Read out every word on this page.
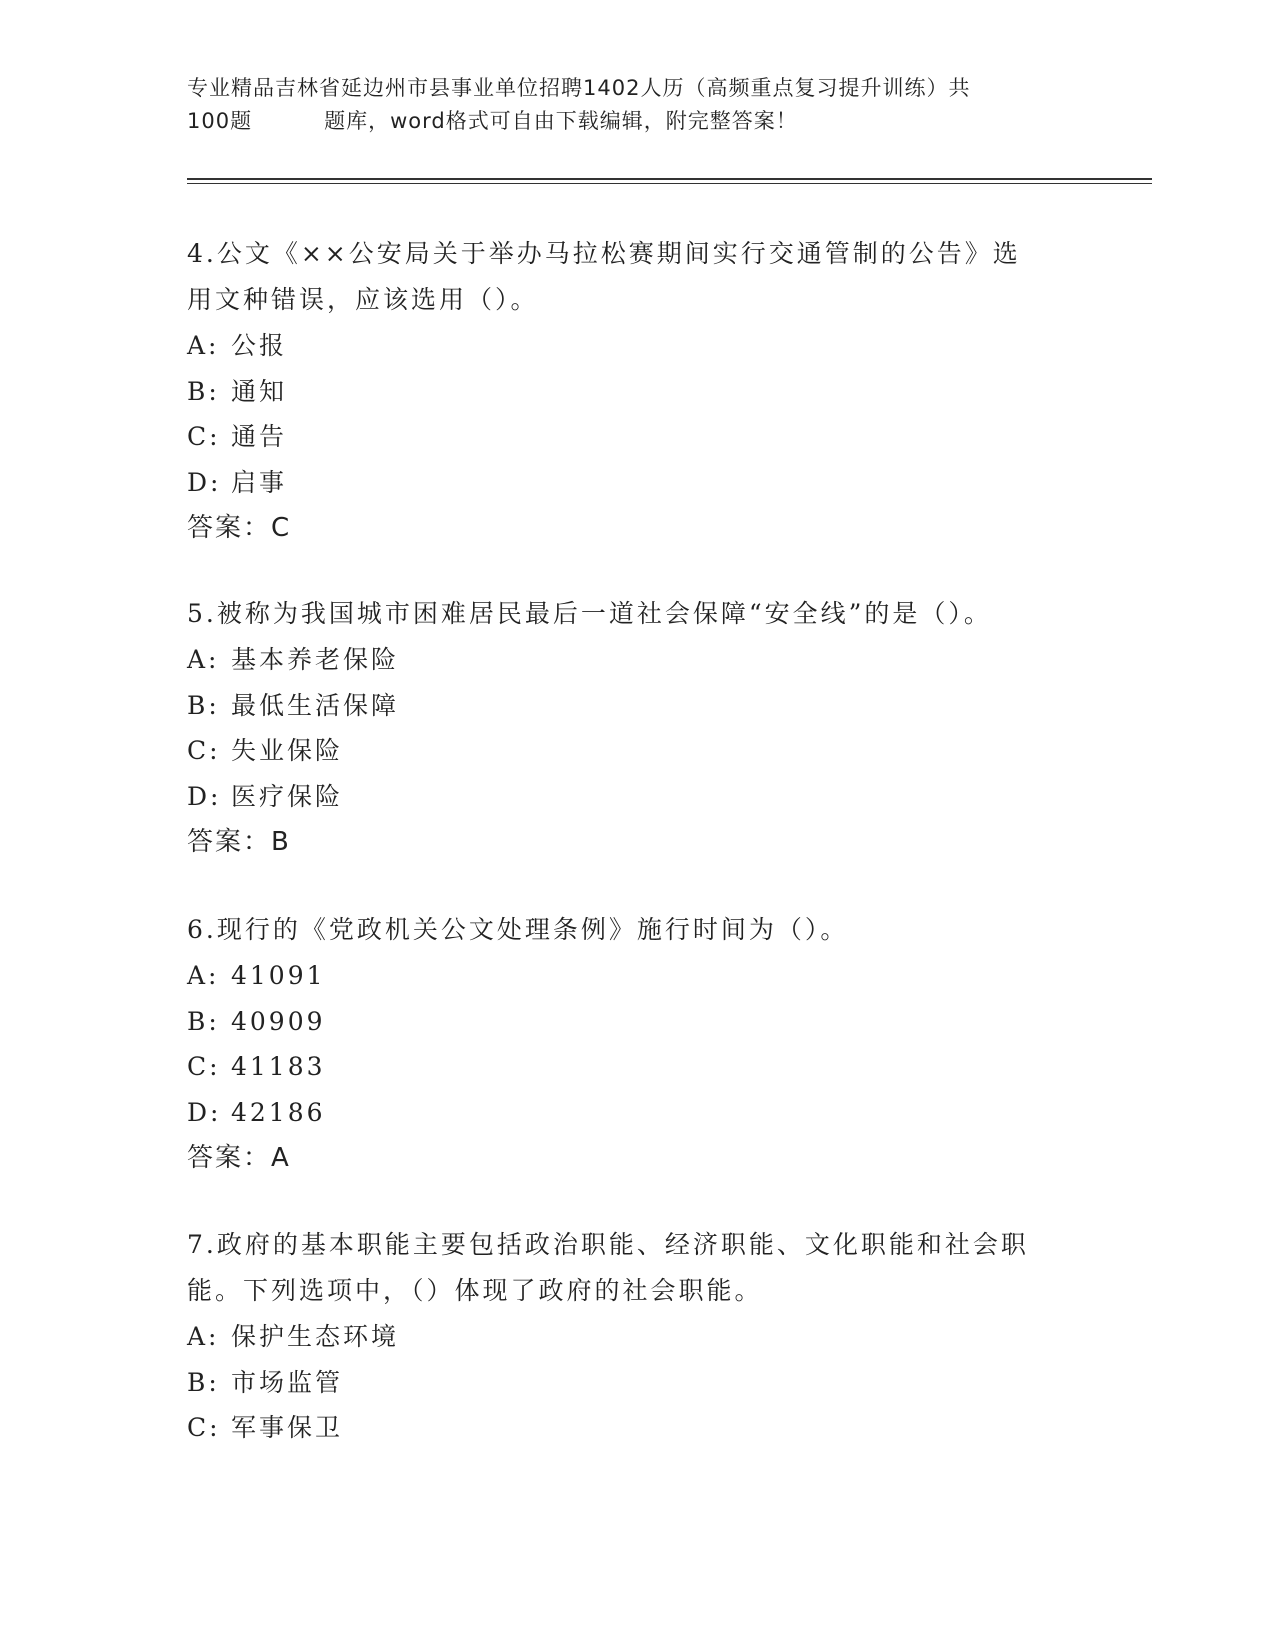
专业精品吉林省延边州市县事业单位招聘1402人历（高频重点复习提升训练）共
100题	题库，word格式可自由下载编辑，附完整答案！
4.公文《××公安局关于举办马拉松赛期间实行交通管制的公告》选
用文种错误，应该选用（）。
A: 公报
B: 通知
C: 通告
D: 启事
答案：C
5.被称为我国城市困难居民最后一道社会保障“安全线”的是（）。
A: 基本养老保险
B: 最低生活保障
C: 失业保险
D: 医疗保险
答案：B
6.现行的《党政机关公文处理条例》施行时间为（）。
A: 41091
B: 40909
C: 41183
D: 42186
答案：A
7.政府的基本职能主要包括政治职能、经济职能、文化职能和社会职
能。下列选项中，（）体现了政府的社会职能。
A: 保护生态环境
B: 市场监管
C: 军事保卫
